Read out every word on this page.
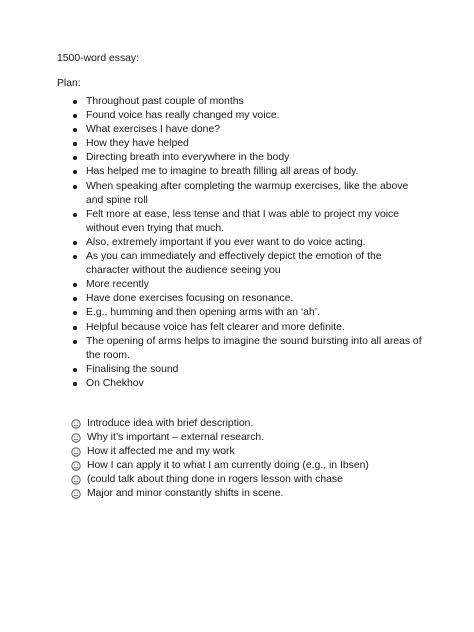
1500-word essay:
Plan:
Throughout past couple of months
Found voice has really changed my voice.
What exercises I have done?
How they have helped
Directing breath into everywhere in the body
Has helped me to imagine to breath filling all areas of body.
When speaking after completing the warmup exercises, like the above and spine roll
Felt more at ease, less tense and that I was able to project my voice without even trying that much.
Also, extremely important if you ever want to do voice acting.
As you can immediately and effectively depict the emotion of the character without the audience seeing you
More recently
Have done exercises focusing on resonance.
E.g., humming and then opening arms with an ‘ah’.
Helpful because voice has felt clearer and more definite.
The opening of arms helps to imagine the sound bursting into all areas of the room.
Finalising the sound
On Chekhov
Introduce idea with brief description.
Why it’s important – external research.
How it affected me and my work
How I can apply it to what I am currently doing (e.g., in Ibsen)
(could talk about thing done in rogers lesson with chase
Major and minor constantly shifts in scene.
